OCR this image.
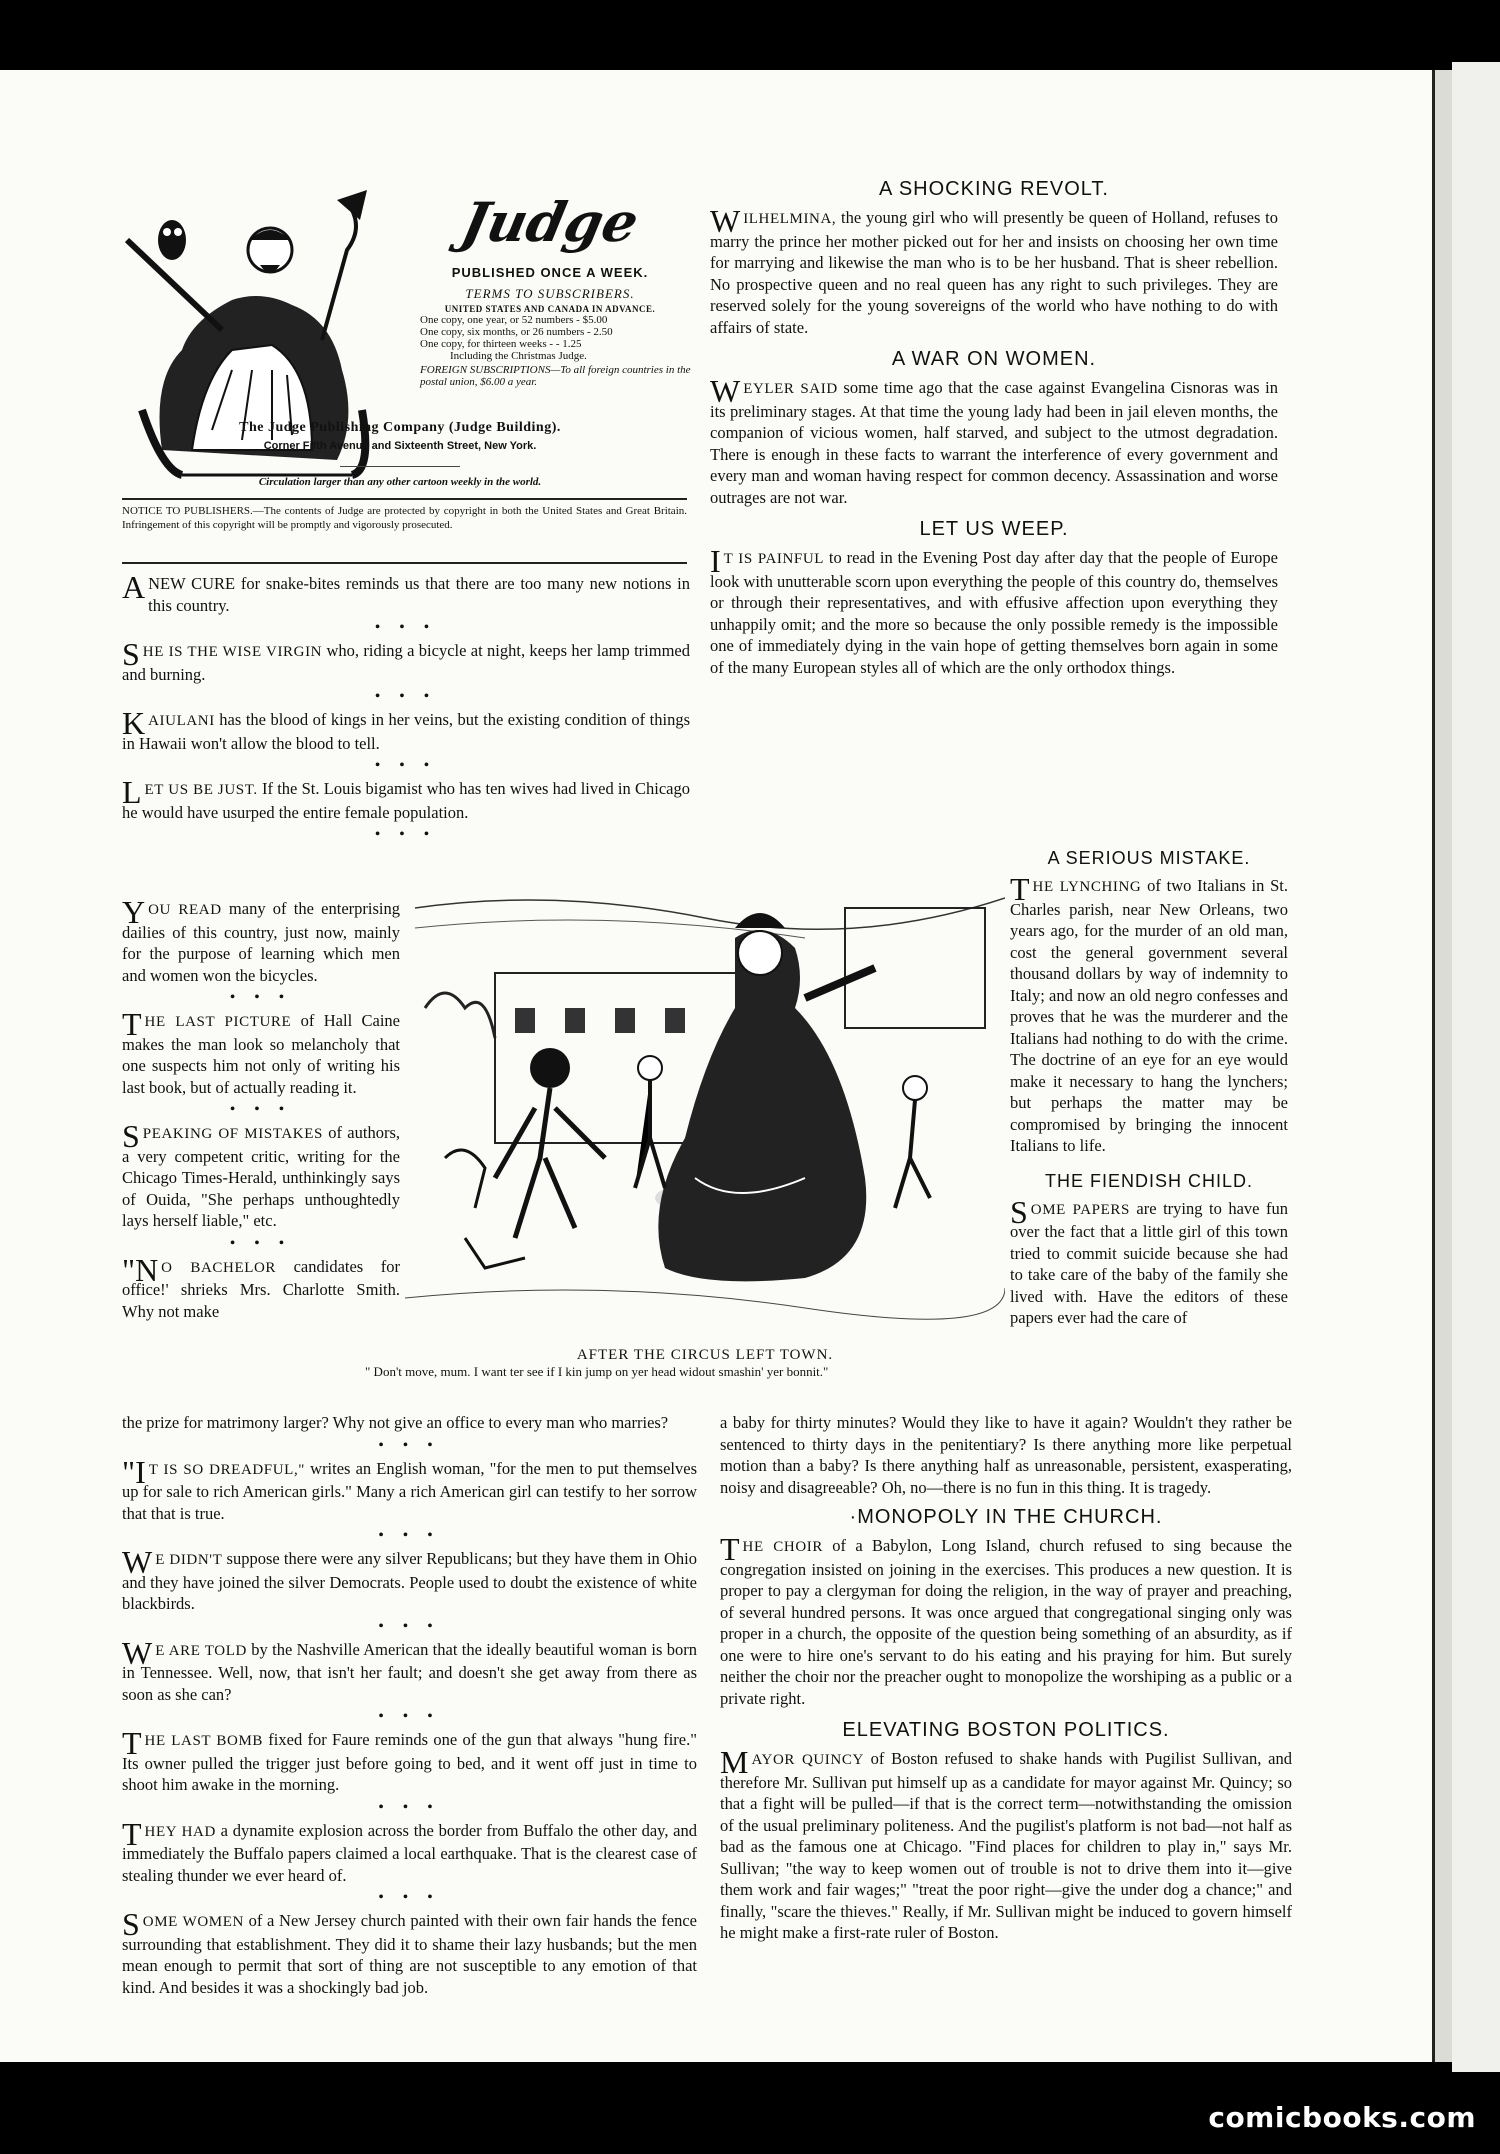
Judge
PUBLISHED ONCE A WEEK.
TERMS TO SUBSCRIBERS.
UNITED STATES AND CANADA IN ADVANCE.
One copy, one year, or 52 numbers - $5.00
One copy, six months, or 26 numbers - 2.50
One copy, for thirteen weeks - - 1.25
Including the Christmas Judge.
FOREIGN SUBSCRIPTIONS—To all foreign countries in the postal union, $6.00 a year.
The Judge Publishing Company (Judge Building).
Corner Fifth Avenue and Sixteenth Street, New York.
Circulation larger than any other cartoon weekly in the world.
NOTICE TO PUBLISHERS.—The contents of Judge are protected by copyright in both the United States and Great Britain. Infringement of this copyright will be promptly and vigorously prosecuted.

A NEW CURE for snake-bites reminds us that there are too many new notions in this country.

• • •

SHE IS THE WISE VIRGIN who, riding a bicycle at night, keeps her lamp trimmed and burning.

• • •

KAIULANI has the blood of kings in her veins, but the existing condition of things in Hawaii won't allow the blood to tell.

• • •

LET US BE JUST. If the St. Louis bigamist who has ten wives had lived in Chicago he would have usurped the entire female population.

• • •

YOU READ many of the enterprising dailies of this country, just now, mainly for the purpose of learning which men and women won the bicycles.

• • •

THE LAST PICTURE of Hall Caine makes the man look so melancholy that one suspects him not only of writing his last book, but of actually reading it.

• • •

SPEAKING OF MISTAKES of authors, a very competent critic, writing for the Chicago Times-Herald, unthinkingly says of Ouida, "She perhaps unthoughtedly lays herself liable," etc.

• • •

"N O BACHELOR candidates for office!' shrieks Mrs. Charlotte Smith. Why not make

AFTER THE CIRCUS LEFT TOWN.
" Don't move, mum. I want ter see if I kin jump on yer head widout smashin' yer bonnit."

the prize for matrimony larger? Why not give an office to every man who marries?

• • •

"I T IS SO DREADFUL," writes an English woman, "for the men to put themselves up for sale to rich American girls." Many a rich American girl can testify to her sorrow that that is true.

• • •

W E DIDN'T suppose there were any silver Republicans; but they have them in Ohio and they have joined the silver Democrats. People used to doubt the existence of white blackbirds.

• • •

W E ARE TOLD by the Nashville American that the ideally beautiful woman is born in Tennessee. Well, now, that isn't her fault; and doesn't she get away from there as soon as she can?

• • •

THE LAST BOMB fixed for Faure reminds one of the gun that always "hung fire." Its owner pulled the trigger just before going to bed, and it went off just in time to shoot him awake in the morning.

• • •

THEY HAD a dynamite explosion across the border from Buffalo the other day, and immediately the Buffalo papers claimed a local earthquake. That is the clearest case of stealing thunder we ever heard of.

• • •

SOME WOMEN of a New Jersey church painted with their own fair hands the fence surrounding that establishment. They did it to shame their lazy husbands; but the men mean enough to permit that sort of thing are not susceptible to any emotion of that kind. And besides it was a shockingly bad job.

A SHOCKING REVOLT.

WILHELMINA, the young girl who will presently be queen of Holland, refuses to marry the prince her mother picked out for her and insists on choosing her own time for marrying and likewise the man who is to be her husband. That is sheer rebellion. No prospective queen and no real queen has any right to such privileges. They are reserved solely for the young sovereigns of the world who have nothing to do with affairs of state.

A WAR ON WOMEN.

WEYLER SAID some time ago that the case against Evangelina Cisnoras was in its preliminary stages. At that time the young lady had been in jail eleven months, the companion of vicious women, half starved, and subject to the utmost degradation. There is enough in these facts to warrant the interference of every government and every man and woman having respect for common decency. Assassination and worse outrages are not war.

LET US WEEP.

I T IS PAINFUL to read in the Evening Post day after day that the people of Europe look with unutterable scorn upon everything the people of this country do, themselves or through their representatives, and with effusive affection upon everything they unhappily omit; and the more so because the only possible remedy is the impossible one of immediately dying in the vain hope of getting themselves born again in some of the many European styles all of which are the only orthodox things.

A SERIOUS MISTAKE.

THE LYNCHING of two Italians in St. Charles parish, near New Orleans, two years ago, for the murder of an old man, cost the general government several thousand dollars by way of indemnity to Italy; and now an old negro confesses and proves that he was the murderer and the Italians had nothing to do with the crime. The doctrine of an eye for an eye would make it necessary to hang the lynchers; but perhaps the matter may be compromised by bringing the innocent Italians to life.

THE FIENDISH CHILD.

SOME PAPERS are trying to have fun over the fact that a little girl of this town tried to commit suicide because she had to take care of the baby of the family she lived with. Have the editors of these papers ever had the care of

a baby for thirty minutes? Would they like to have it again? Wouldn't they rather be sentenced to thirty days in the penitentiary? Is there anything more like perpetual motion than a baby? Is there anything half as unreasonable, persistent, exasperating, noisy and disagreeable? Oh, no—there is no fun in this thing. It is tragedy.

·MONOPOLY IN THE CHURCH.

THE CHOIR of a Babylon, Long Island, church refused to sing because the congregation insisted on joining in the exercises. This produces a new question. It is proper to pay a clergyman for doing the religion, in the way of prayer and preaching, of several hundred persons. It was once argued that congregational singing only was proper in a church, the opposite of the question being something of an absurdity, as if one were to hire one's servant to do his eating and his praying for him. But surely neither the choir nor the preacher ought to monopolize the worshiping as a public or a private right.

ELEVATING BOSTON POLITICS.

MAYOR QUINCY of Boston refused to shake hands with Pugilist Sullivan, and therefore Mr. Sullivan put himself up as a candidate for mayor against Mr. Quincy; so that a fight will be pulled—if that is the correct term—notwithstanding the omission of the usual preliminary politeness. And the pugilist's platform is not bad—not half as bad as the famous one at Chicago. "Find places for children to play in," says Mr. Sullivan; "the way to keep women out of trouble is not to drive them into it—give them work and fair wages;" "treat the poor right—give the under dog a chance;" and finally, "scare the thieves." Really, if Mr. Sullivan might be induced to govern himself he might make a first-rate ruler of Boston.

comicbooks.com
